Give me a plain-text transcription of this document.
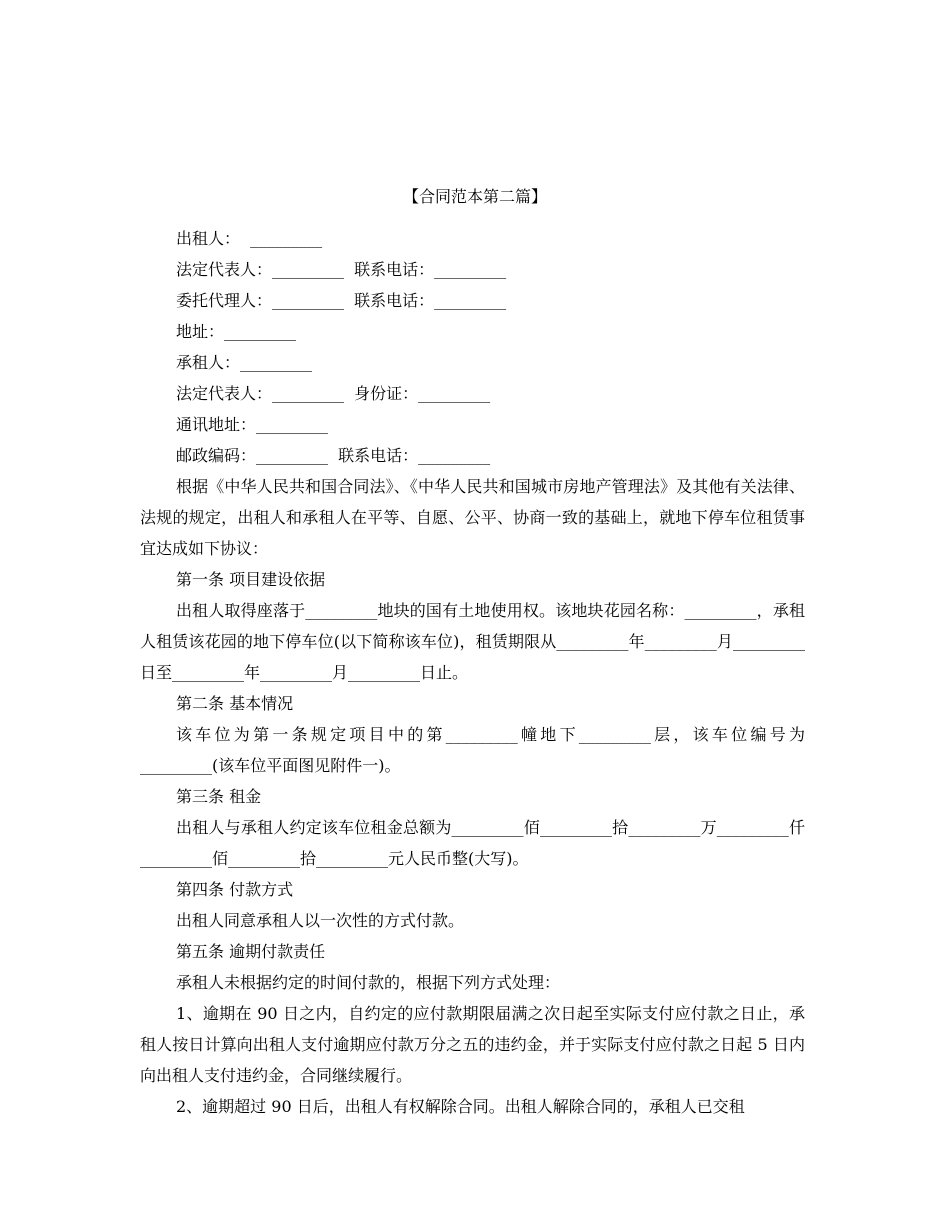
【合同范本第二篇】
出租人：  _________
法定代表人：_________  联系电话：_________
委托代理人：_________  联系电话：_________
地址：_________
承租人：_________
法定代表人：_________  身份证：_________
通讯地址：_________
邮政编码：_________  联系电话：_________
根据《中华人民共和国合同法》、《中华人民共和国城市房地产管理法》及其他有关法律、法规的规定，出租人和承租人在平等、自愿、公平、协商一致的基础上，就地下停车位租赁事宜达成如下协议：
第一条 项目建设依据
出租人取得座落于_________地块的国有土地使用权。该地块花园名称：_________，承租人租赁该花园的地下停车位(以下简称该车位)，租赁期限从_________年_________月_________日至_________年_________月_________日止。
第二条 基本情况
该车位为第一条规定项目中的第_________幢地下_________层，该车位编号为_________(该车位平面图见附件一)。
第三条 租金
出租人与承租人约定该车位租金总额为_________佰_________拾_________万_________仟_________佰_________拾_________元人民币整(大写)。
第四条 付款方式
出租人同意承租人以一次性的方式付款。
第五条 逾期付款责任
承租人未根据约定的时间付款的，根据下列方式处理：
1、逾期在 90 日之内，自约定的应付款期限届满之次日起至实际支付应付款之日止，承租人按日计算向出租人支付逾期应付款万分之五的违约金，并于实际支付应付款之日起 5 日内向出租人支付违约金，合同继续履行。
2、逾期超过 90 日后，出租人有权解除合同。出租人解除合同的，承租人已交租
